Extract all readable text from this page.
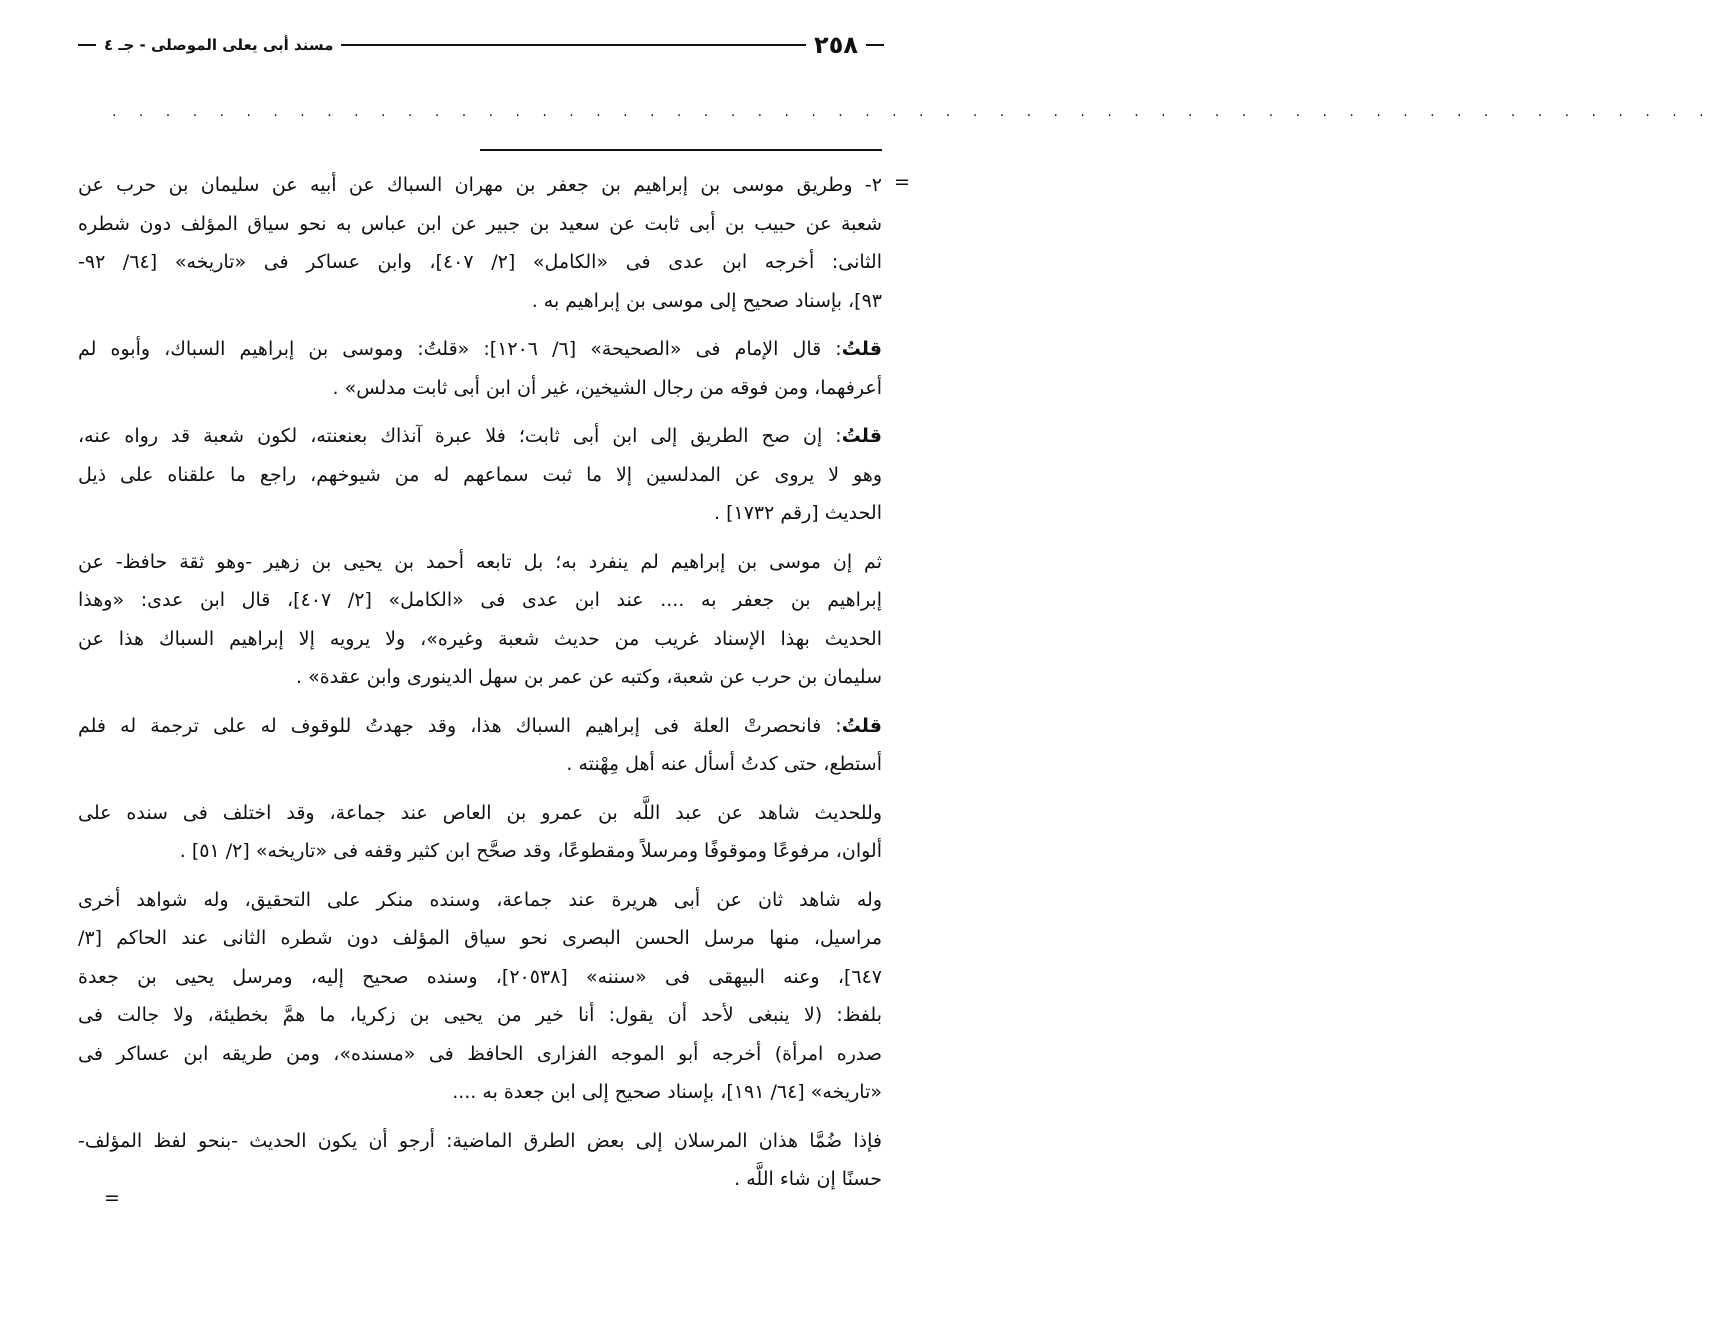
٢٥٨
مسند أبى يعلى الموصلى - جـ ٤
. . . . . . . . . . . . . . . . . . . . . . . . . . . . . . . . . . . . . . . . . . . . . . . . . . . . . . . . . . . .
=
٢- وطريق موسى بن إبراهيم بن جعفر بن مهران السباك عن أبيه عن سليمان بن حرب عن
شعبة عن حبيب بن أبى ثابت عن سعيد بن جبير عن ابن عباس به نحو سياق المؤلف دون شطره
الثانى: أخرجه ابن عدى فى «الكامل» [٢/ ٤٠٧]، وابن عساكر فى «تاريخه» [٦٤/ ٩٢-
٩٣]، بإسناد صحيح إلى موسى بن إبراهيم به .
قلتُ: قال الإمام فى «الصحيحة» [٦/ ١٢٠٦]: «قلتُ: وموسى بن إبراهيم السباك، وأبوه لم
أعرفهما، ومن فوقه من رجال الشيخين، غير أن ابن أبى ثابت مدلس» .
قلتُ: إن صح الطريق إلى ابن أبى ثابت؛ فلا عبرة آنذاك بعنعنته، لكون شعبة قد رواه عنه،
وهو لا يروى عن المدلسين إلا ما ثبت سماعهم له من شيوخهم، راجع ما علقناه على ذيل
الحديث [رقم ١٧٣٢] .
ثم إن موسى بن إبراهيم لم ينفرد به؛ بل تابعه أحمد بن يحيى بن زهير -وهو ثقة حافظ- عن
إبراهيم بن جعفر به .... عند ابن عدى فى «الكامل» [٢/ ٤٠٧]، قال ابن عدى: «وهذا
الحديث بهذا الإسناد غريب من حديث شعبة وغيره»، ولا يرويه إلا إبراهيم السباك هذا عن
سليمان بن حرب عن شعبة، وكتبه عن عمر بن سهل الدينورى وابن عقدة» .
قلتُ: فانحصرتْ العلة فى إبراهيم السباك هذا، وقد جهدتُ للوقوف له على ترجمة له فلم
أستطع، حتى كدتُ أسأل عنه أهل مِهْنته .
وللحديث شاهد عن عبد اللَّه بن عمرو بن العاص عند جماعة، وقد اختلف فى سنده على
ألوان، مرفوعًا وموقوفًا ومرسلاً ومقطوعًا، وقد صحَّح ابن كثير وقفه فى «تاريخه» [٢/ ٥١] .
وله شاهد ثان عن أبى هريرة عند جماعة، وسنده منكر على التحقيق، وله شواهد أخرى
مراسيل، منها مرسل الحسن البصرى نحو سياق المؤلف دون شطره الثانى عند الحاكم [٣/
٦٤٧]، وعنه البيهقى فى «سننه» [٢٠٥٣٨]، وسنده صحيح إليه، ومرسل يحيى بن جعدة
بلفظ: (لا ينبغى لأحد أن يقول: أنا خير من يحيى بن زكريا، ما همَّ بخطيئة، ولا جالت فى
صدره امرأة) أخرجه أبو الموجه الفزارى الحافظ فى «مسنده»، ومن طريقه ابن عساكر فى
«تاريخه» [٦٤/ ١٩١]، بإسناد صحيح إلى ابن جعدة به ....
فإذا ضُمَّا هذان المرسلان إلى بعض الطرق الماضية: أرجو أن يكون الحديث -بنحو لفظ المؤلف-
حسنًا إن شاء اللَّه .
=
